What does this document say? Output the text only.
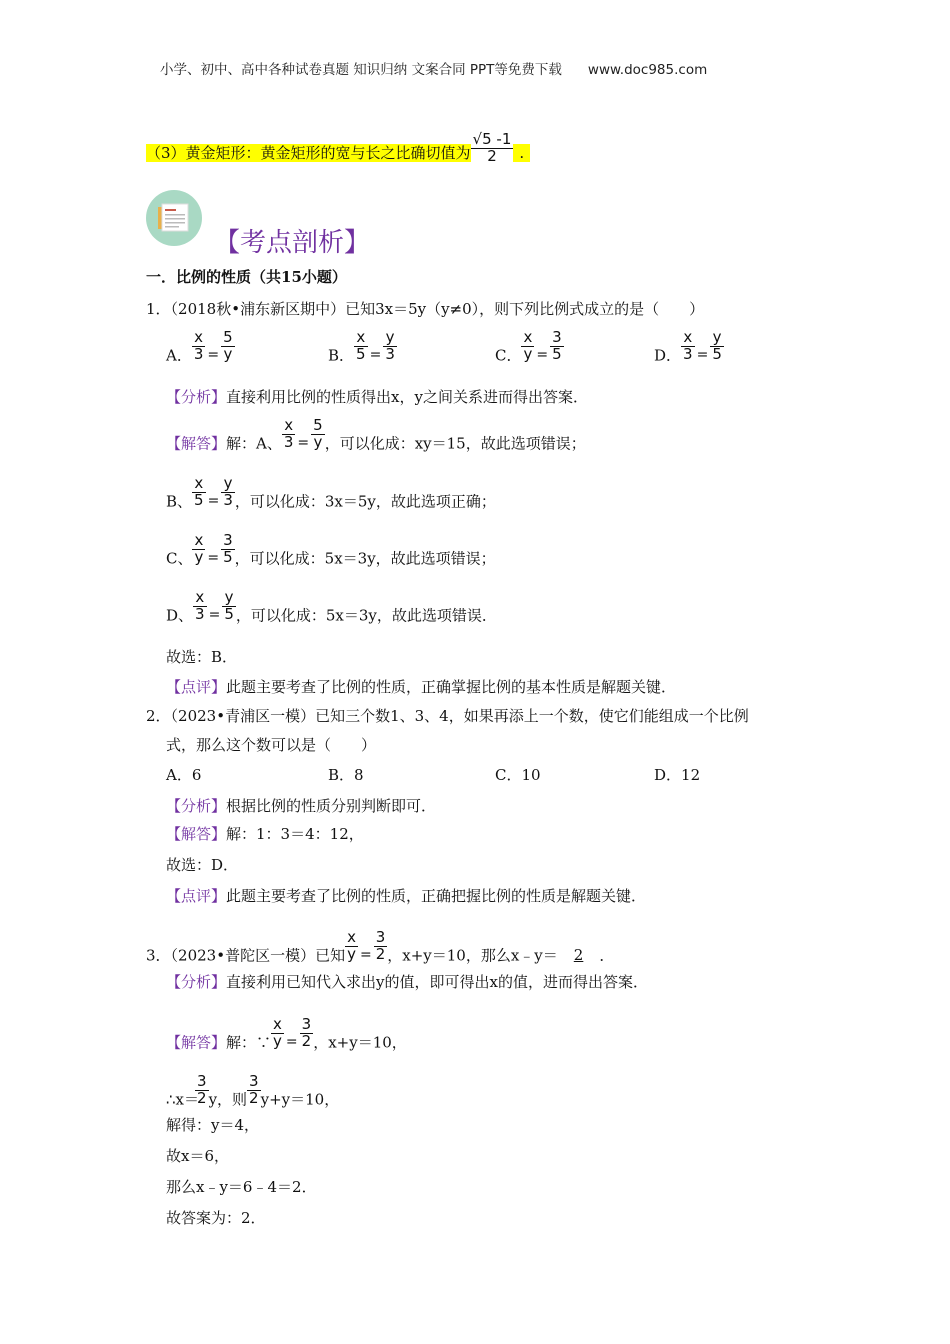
小学、初中、高中各种试卷真题 知识归纳 文案合同 PPT等免费下载 www.doc985.com
（3）黄金矩形：黄金矩形的宽与长之比确切值为 $\frac{√5 -1}{2}$ .
【考点剖析】
一．比例的性质（共15小题）
1．（2018秋•浦东新区期中）已知3x＝5y（y≠0），则下列比例式成立的是（　　）
A． $\frac{x}{3} = \frac{5}{y}$	B． $\frac{x}{5} = \frac{y}{3}$	C． $\frac{x}{y} = \frac{3}{5}$	D． $\frac{x}{3} = \frac{y}{5}$
【分析】直接利用比例的性质得出x，y之间关系进而得出答案．
【解答】解：A、 $\frac{x}{3} = \frac{5}{y}$ ，可以化成：xy＝15，故此选项错误；
B、 $\frac{x}{5} = \frac{y}{3}$ ，可以化成：3x＝5y，故此选项正确；
C、 $\frac{x}{y} = \frac{3}{5}$ ，可以化成：5x＝3y，故此选项错误；
D、 $\frac{x}{3} = \frac{y}{5}$ ，可以化成：5x＝3y，故此选项错误．
故选：B．
【点评】此题主要考查了比例的性质，正确掌握比例的基本性质是解题关键．
2．（2023•青浦区一模）已知三个数1、3、4，如果再添上一个数，使它们能组成一个比例
式，那么这个数可以是（　　）
A．6	B．8	C．10	D．12
【分析】根据比例的性质分别判断即可．
【解答】解：1：3＝4：12，
故选：D．
【点评】此题主要考查了比例的性质，正确把握比例的性质是解题关键．
3．（2023•普陀区一模）已知 $\frac{x}{y} = \frac{3}{2}$ ，x+y＝10，那么x﹣y＝ 2 ．
【分析】直接利用已知代入求出y的值，即可得出x的值，进而得出答案．
【解答】解：∵ $\frac{x}{y} = \frac{3}{2}$ ，x+y＝10，
∴x＝
$\frac{3}{2}$ y，则 $\frac{3}{2} y+y=10$，
解得：y＝4，
故x＝6，
那么x﹣y＝6﹣4＝2．
故答案为：2．
